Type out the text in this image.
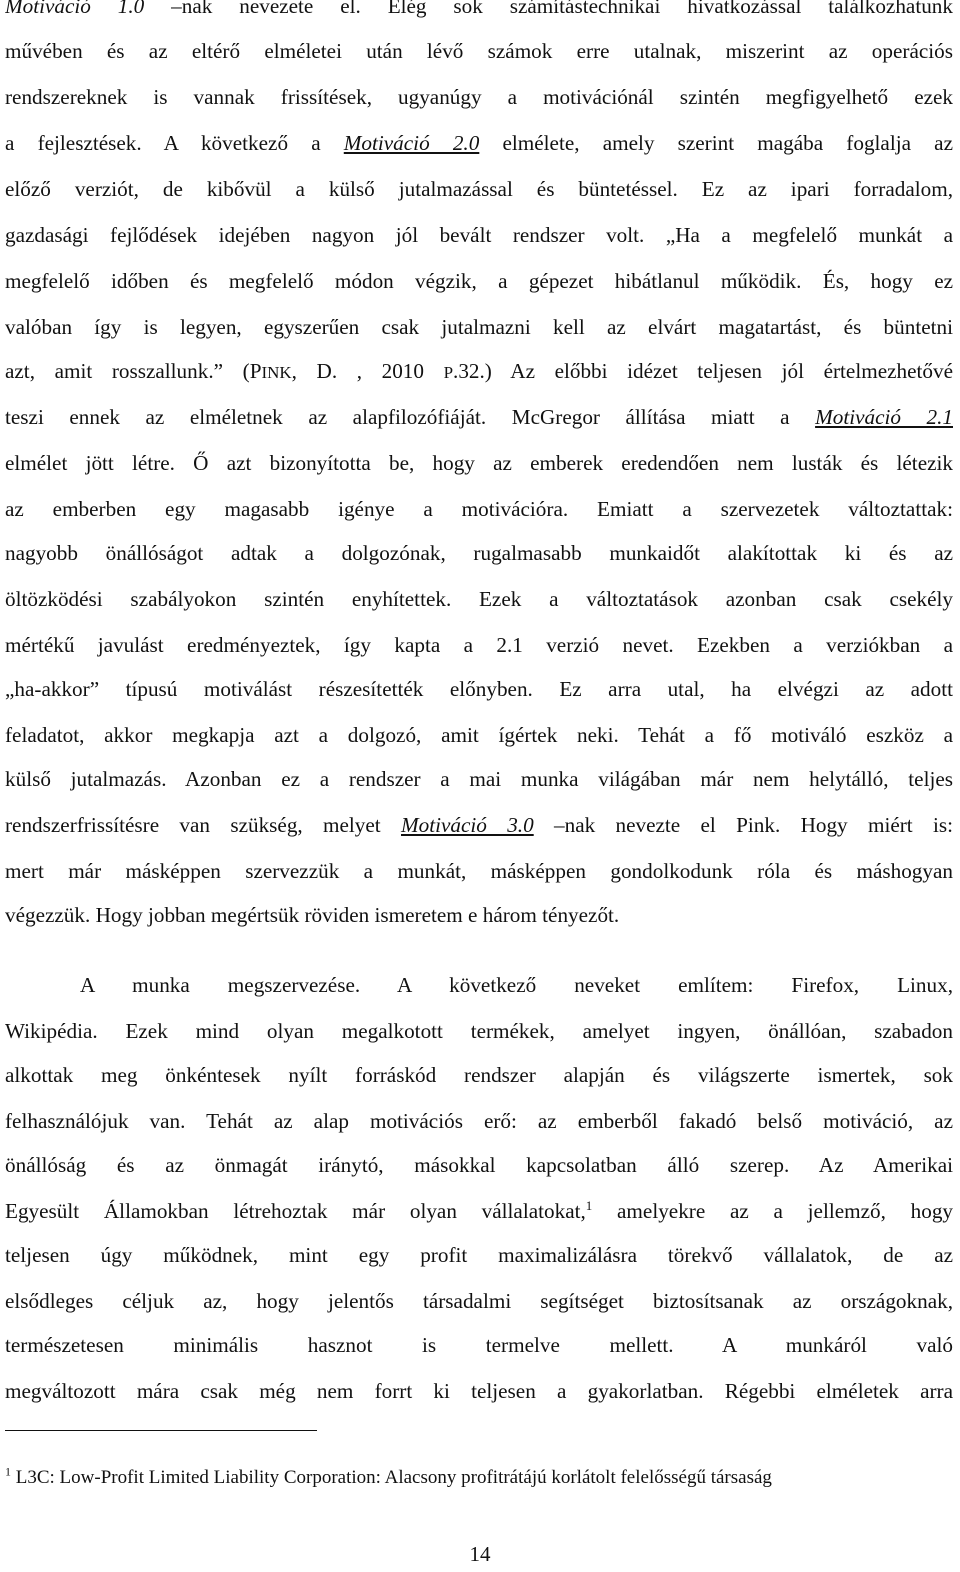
Motiváció 1.0 –nak nevezete el. Elég sok számítástechnikai hivatkozással találkozhatunk
művében és az eltérő elméletei után lévő számok erre utalnak, miszerint az operációs
rendszereknek is vannak frissítések, ugyanúgy a motivációnál szintén megfigyelhető ezek
a fejlesztések. A következő a Motiváció 2.0 elmélete, amely szerint magába foglalja az
előző verziót, de kibővül a külső jutalmazással és büntetéssel. Ez az ipari forradalom,
gazdasági fejlődések idejében nagyon jól bevált rendszer volt. „Ha a megfelelő munkát a
megfelelő időben és megfelelő módon végzik, a gépezet hibátlanul működik. És, hogy ez
valóban így is legyen, egyszerűen csak jutalmazni kell az elvárt magatartást, és büntetni
azt, amit rosszallunk.” (PINK, D. , 2010 P.32.) Az előbbi idézet teljesen jól értelmezhetővé
teszi ennek az elméletnek az alapfilozófiáját. McGregor állítása miatt a Motiváció 2.1
elmélet jött létre. Ő azt bizonyította be, hogy az emberek eredendően nem lusták és létezik
az emberben egy magasabb igénye a motivációra. Emiatt a szervezetek változtattak:
nagyobb önállóságot adtak a dolgozónak, rugalmasabb munkaidőt alakítottak ki és az
öltözködési szabályokon szintén enyhítettek. Ezek a változtatások azonban csak csekély
mértékű javulást eredményeztek, így kapta a 2.1 verzió nevet. Ezekben a verziókban a
„ha-akkor” típusú motiválást részesítették előnyben. Ez arra utal, ha elvégzi az adott
feladatot, akkor megkapja azt a dolgozó, amit ígértek neki. Tehát a fő motiváló eszköz a
külső jutalmazás. Azonban ez a rendszer a mai munka világában már nem helytálló, teljes
rendszerfrissítésre van szükség, melyet Motiváció 3.0 –nak nevezte el Pink. Hogy miért is:
mert már másképpen szervezzük a munkát, másképpen gondolkodunk róla és máshogyan
végezzük. Hogy jobban megértsük röviden ismeretem e három tényezőt.
A munka megszervezése. A következő neveket említem: Firefox, Linux,
Wikipédia. Ezek mind olyan megalkotott termékek, amelyet ingyen, önállóan, szabadon
alkottak meg önkéntesek nyílt forráskód rendszer alapján és világszerte ismertek, sok
felhasználójuk van. Tehát az alap motivációs erő: az emberből fakadó belső motiváció, az
önállóság és az önmagát iránytó, másokkal kapcsolatban álló szerep. Az Amerikai
Egyesült Államokban létrehoztak már olyan vállalatokat,$^1$ amelyekre az a jellemző, hogy
teljesen úgy működnek, mint egy profit maximalizálásra törekvő vállalatok, de az
elsődleges céljuk az, hogy jelentős társadalmi segítséget biztosítsanak az országoknak,
természetesen minimális hasznot is termelve mellett. A munkáról való
megváltozott mára csak még nem forrt ki teljesen a gyakorlatban. Régebbi elméletek arra
$^1$ L3C: Low-Profit Limited Liability Corporation: Alacsony profitrátájú korlátolt felelősségű társaság
14
